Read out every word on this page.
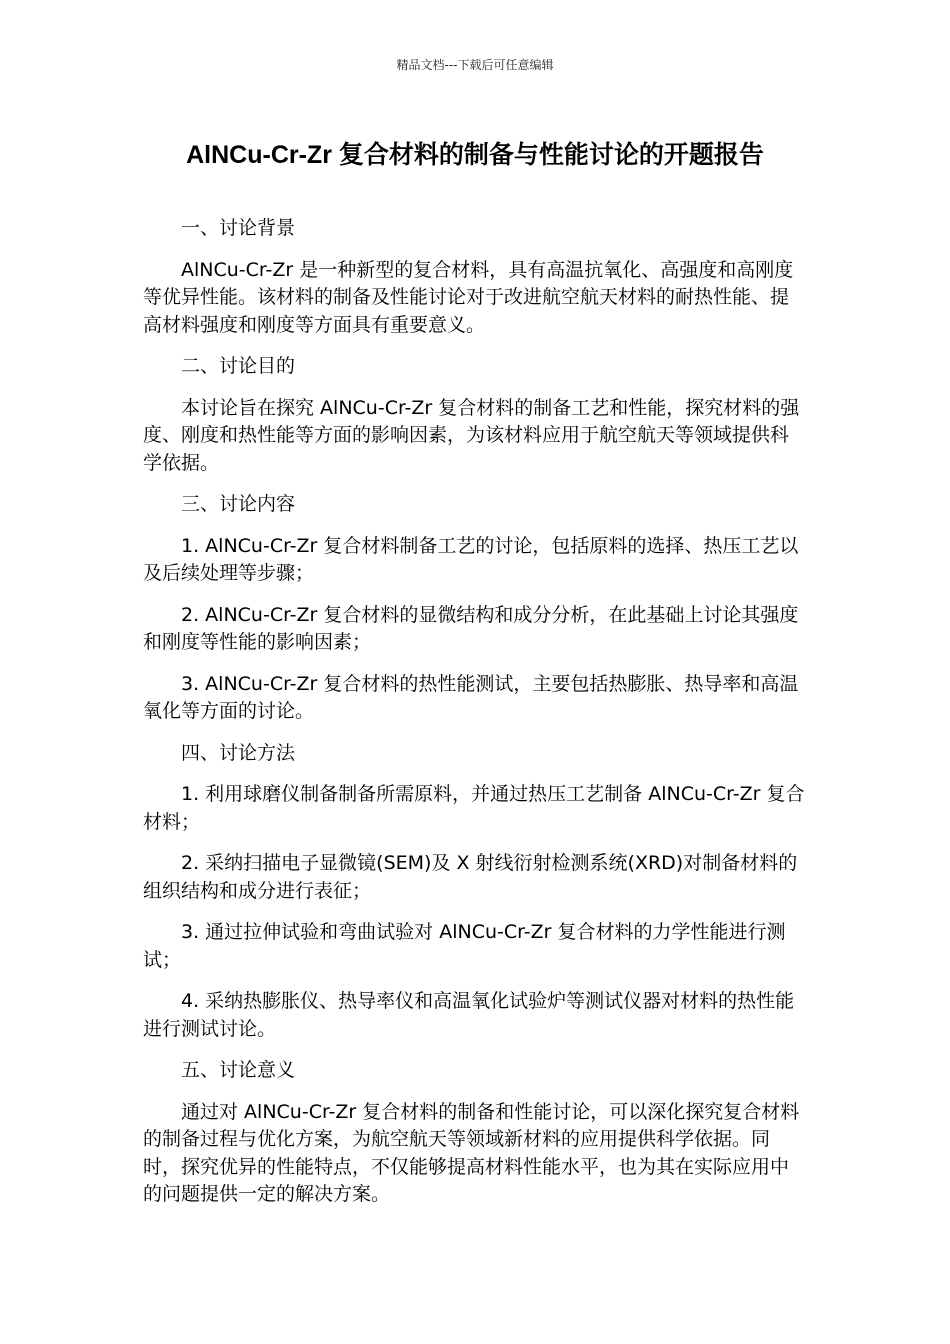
精品文档---下载后可任意编辑
AlNCu-Cr-Zr 复合材料的制备与性能讨论的开题报告

一、讨论背景

AlNCu-Cr-Zr 是一种新型的复合材料，具有高温抗氧化、高强度和高刚度等优异性能。该材料的制备及性能讨论对于改进航空航天材料的耐热性能、提高材料强度和刚度等方面具有重要意义。

二、讨论目的

本讨论旨在探究 AlNCu-Cr-Zr 复合材料的制备工艺和性能，探究材料的强度、刚度和热性能等方面的影响因素，为该材料应用于航空航天等领域提供科学依据。

三、讨论内容

1. AlNCu-Cr-Zr 复合材料制备工艺的讨论，包括原料的选择、热压工艺以及后续处理等步骤；

2. AlNCu-Cr-Zr 复合材料的显微结构和成分分析，在此基础上讨论其强度和刚度等性能的影响因素；

3. AlNCu-Cr-Zr 复合材料的热性能测试，主要包括热膨胀、热导率和高温氧化等方面的讨论。

四、讨论方法

1. 利用球磨仪制备制备所需原料，并通过热压工艺制备 AlNCu-Cr-Zr 复合材料；

2. 采纳扫描电子显微镜(SEM)及 X 射线衍射检测系统(XRD)对制备材料的组织结构和成分进行表征；

3. 通过拉伸试验和弯曲试验对 AlNCu-Cr-Zr 复合材料的力学性能进行测试；

4. 采纳热膨胀仪、热导率仪和高温氧化试验炉等测试仪器对材料的热性能进行测试讨论。

五、讨论意义

通过对 AlNCu-Cr-Zr 复合材料的制备和性能讨论，可以深化探究复合材料的制备过程与优化方案，为航空航天等领域新材料的应用提供科学依据。同时，探究优异的性能特点，不仅能够提高材料性能水平，也为其在实际应用中的问题提供一定的解决方案。
